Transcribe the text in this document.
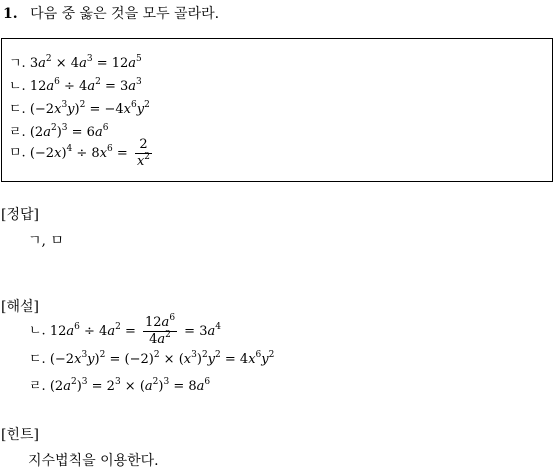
1. 다음 중 옳은 것을 모두 골라라.
ㄱ. $3a^2 \times 4a^3 = 12a^5$
ㄴ. $12a^6 \div 4a^2 = 3a^3$
ㄷ. $(-2x^3y)^2 = -4x^6y^2$
ㄹ. $(2a^2)^3 = 6a^6$
ㅁ. $(-2x)^4 \div 8x^6 = \frac{2}{x^2}$
[정답]
ㄱ, ㅁ
[해설]
ㄴ. $12a^6 \div 4a^2 = \frac{12a^6}{4a^2} = 3a^4$
ㄷ. $(-2x^3y)^2 = (-2)^2 \times (x^3)^2y^2 = 4x^6y^2$
ㄹ. $(2a^2)^3 = 2^3 \times (a^2)^3 = 8a^6$
[힌트]
지수법칙을 이용한다.
